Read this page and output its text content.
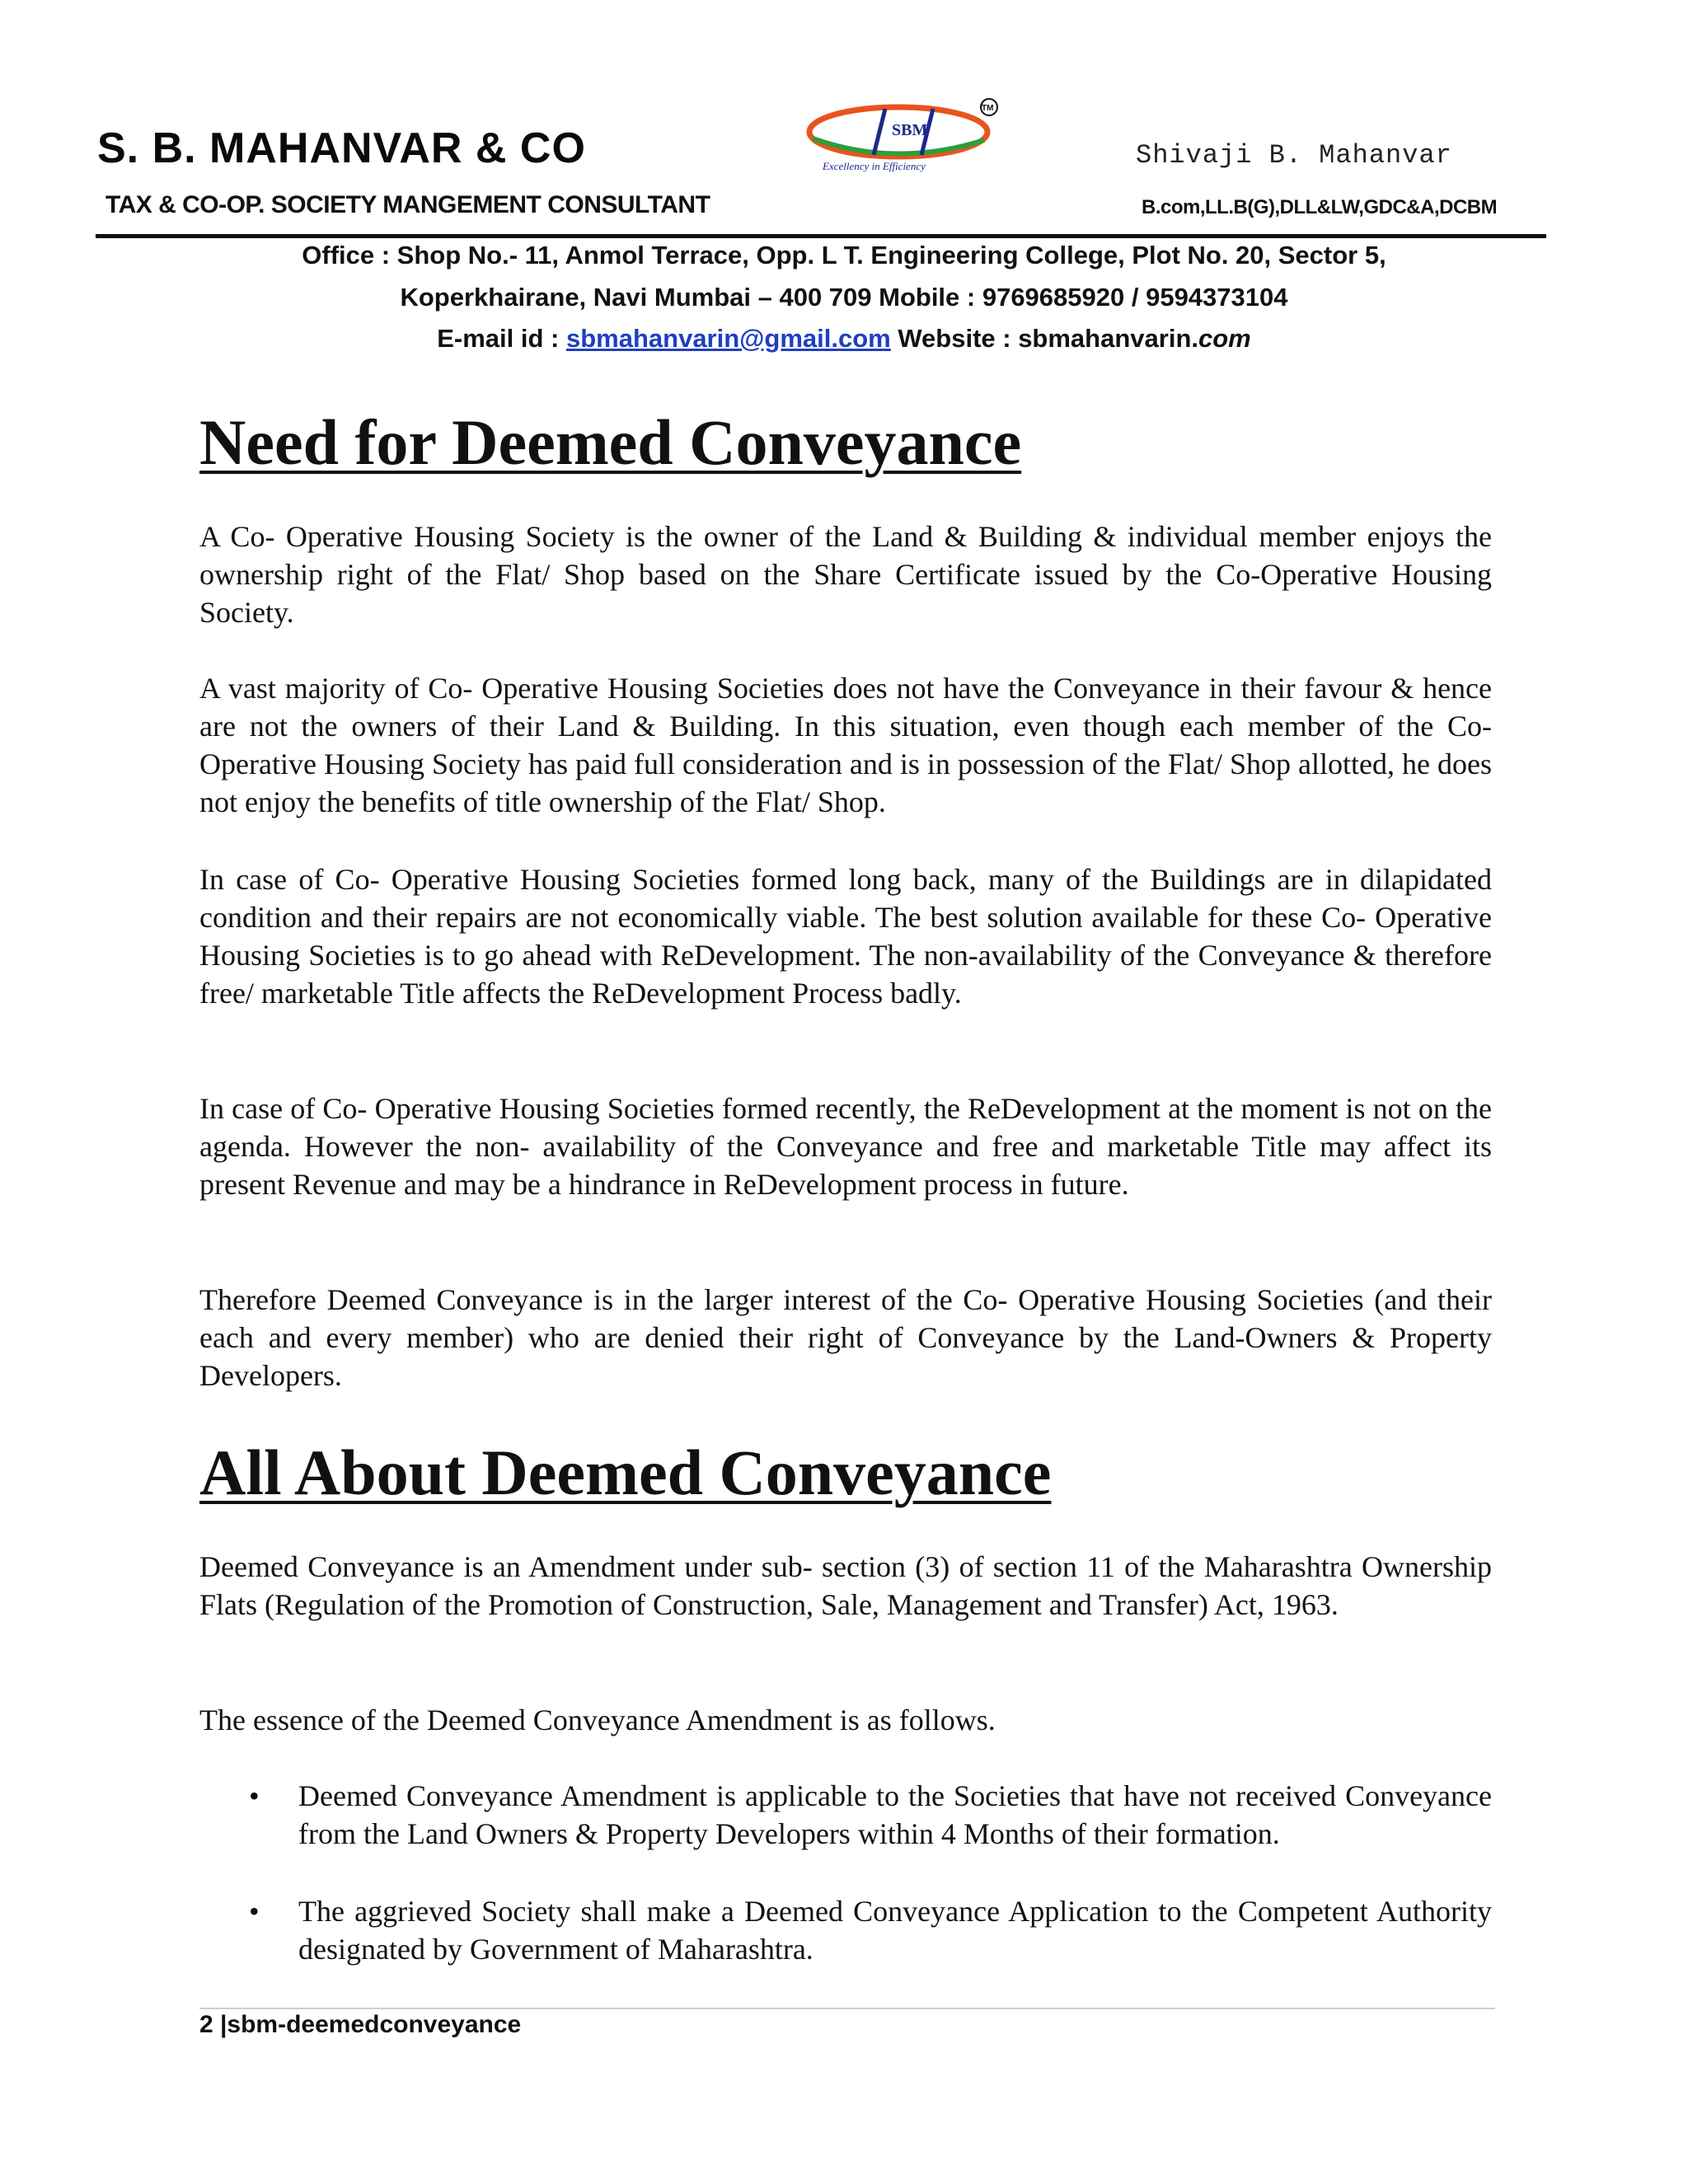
S. B. MAHANVAR & CO	SBM
Excellency in Efficiency
TM
Shivaji B. Mahanvar
TAX & CO-OP. SOCIETY MANGEMENT CONSULTANT	B.com,LL.B(G),DLL&LW,GDC&A,DCBM
Office : Shop No.- 11, Anmol Terrace, Opp. L T. Engineering College, Plot No. 20, Sector 5,
Koperkhairane, Navi Mumbai – 400 709 Mobile : 9769685920 / 9594373104
E-mail id : sbmahanvarin@gmail.com Website : sbmahanvarin.com
Need for Deemed Conveyance

A Co- Operative Housing Society is the owner of the Land & Building & individual member enjoys the ownership right of the Flat/ Shop based on the Share Certificate issued by the Co-Operative Housing Society.

A vast majority of Co- Operative Housing Societies does not have the Conveyance in their favour & hence are not the owners of their Land & Building. In this situation, even though each member of the Co- Operative Housing Society has paid full consideration and is in possession of the Flat/ Shop allotted, he does not enjoy the benefits of title ownership of the Flat/ Shop.

In case of Co- Operative Housing Societies formed long back, many of the Buildings are in dilapidated condition and their repairs are not economically viable. The best solution available for these Co- Operative Housing Societies is to go ahead with ReDevelopment. The non-availability of the Conveyance & therefore free/ marketable Title affects the ReDevelopment Process badly.

In case of Co- Operative Housing Societies formed recently, the ReDevelopment at the moment is not on the agenda. However the non- availability of the Conveyance and free and marketable Title may affect its present Revenue and may be a hindrance in ReDevelopment process in future.

Therefore Deemed Conveyance is in the larger interest of the Co- Operative Housing Societies (and their each and every member) who are denied their right of Conveyance by the Land-Owners & Property Developers.

All About Deemed Conveyance

Deemed Conveyance is an Amendment under sub- section (3) of section 11 of the Maharashtra Ownership Flats (Regulation of the Promotion of Construction, Sale, Management and Transfer) Act, 1963.

The essence of the Deemed Conveyance Amendment is as follows.

• Deemed Conveyance Amendment is applicable to the Societies that have not received Conveyance from the Land Owners & Property Developers within 4 Months of their formation.

• The aggrieved Society shall make a Deemed Conveyance Application to the Competent Authority designated by Government of Maharashtra.

2 |sbm-deemedconveyance
